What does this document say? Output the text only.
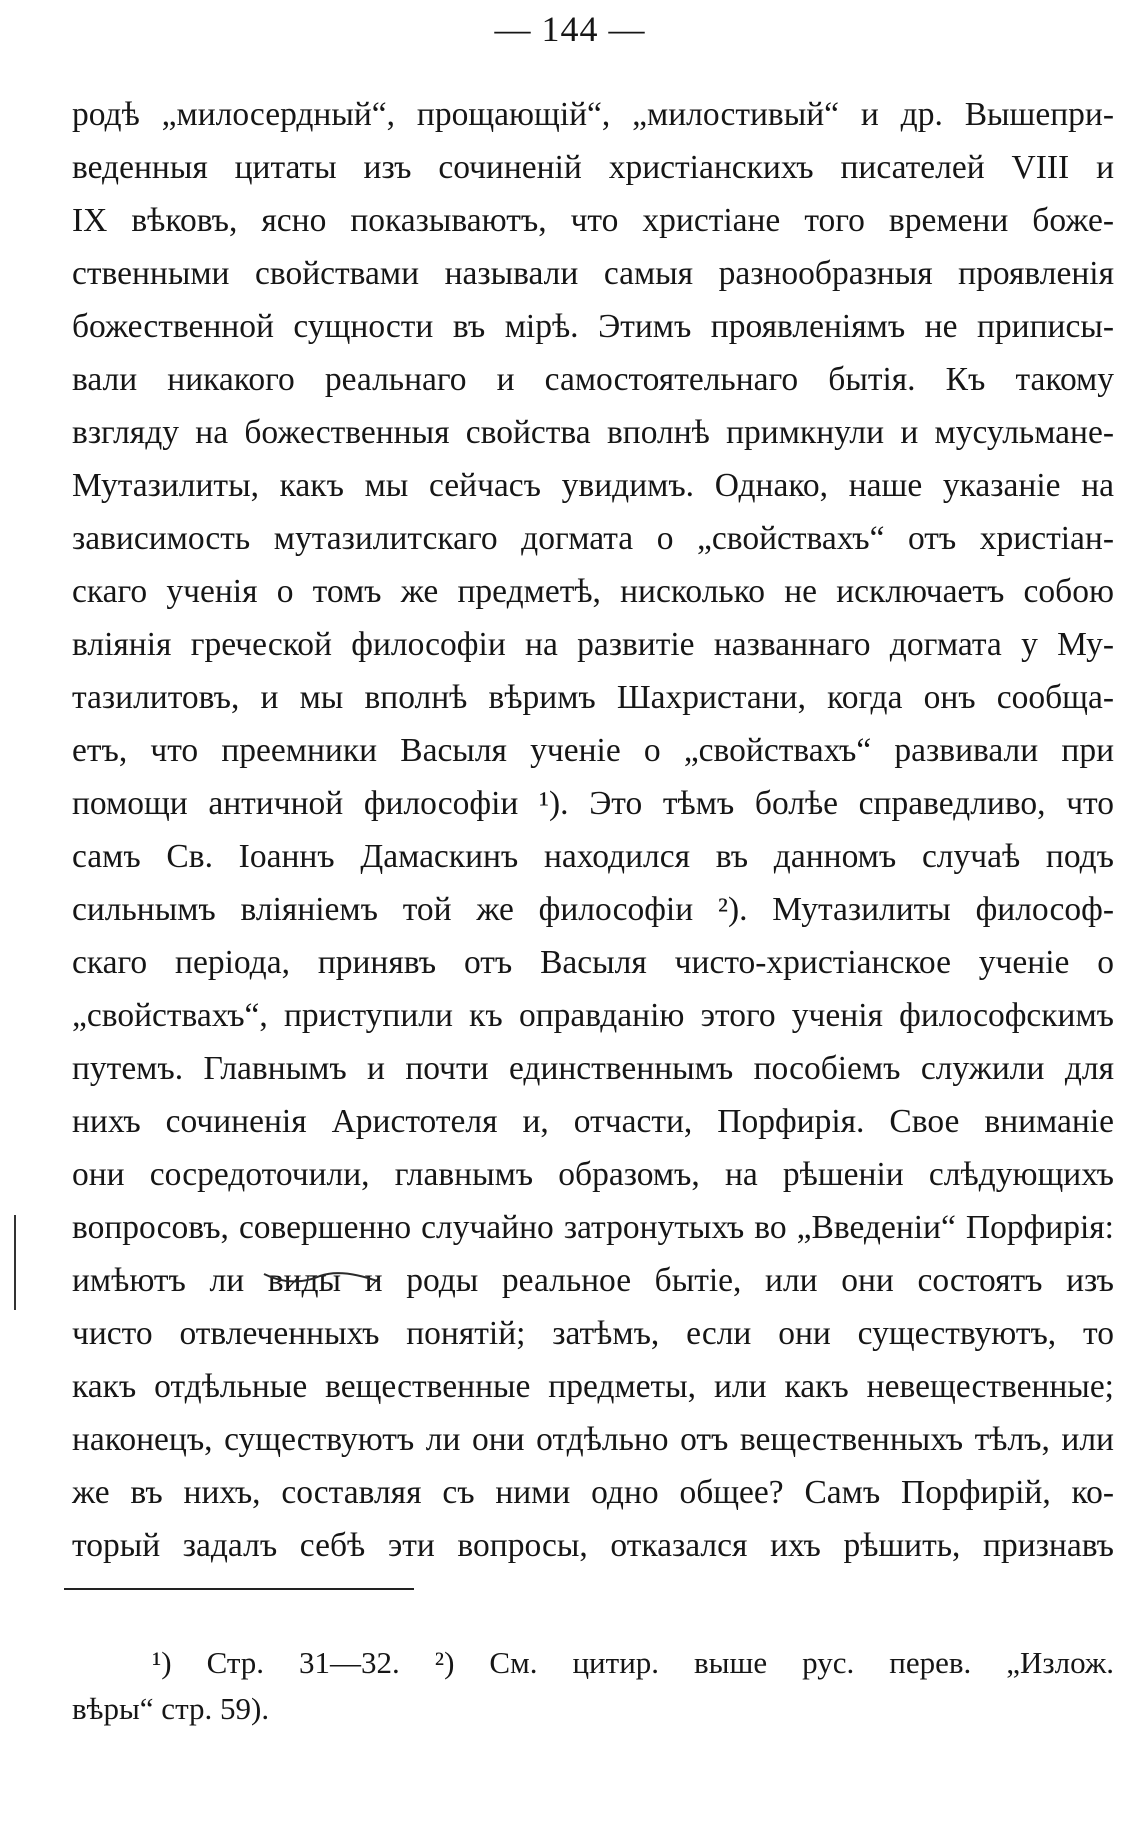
— 144 —
родѣ „милосердный“, прощающій“, „милостивый“ и др. Вышепри-
веденныя цитаты изъ сочиненій христіанскихъ писателей VIII и
IX вѣковъ, ясно показываютъ, что христіане того времени боже-
ственными свойствами называли самыя разнообразныя проявленія
божественной сущности въ мірѣ. Этимъ проявленіямъ не приписы-
вали никакого реальнаго и самостоятельнаго бытія. Къ такому
взгляду на божественныя свойства вполнѣ примкнули и мусульмане-
Мутазилиты, какъ мы сейчасъ увидимъ. Однако, наше указаніе на
зависимость мутазилитскаго догмата о „свойствахъ“ отъ христіан-
скаго ученія о томъ же предметѣ, нисколько не исключаетъ собою
вліянія греческой философіи на развитіе названнаго догмата у Му-
тазилитовъ, и мы вполнѣ вѣримъ Шахристани, когда онъ сообща-
етъ, что преемники Васыля ученіе о „свойствахъ“ развивали при
помощи античной философіи ¹). Это тѣмъ болѣе справедливо, что
самъ Св. Іоаннъ Дамаскинъ находился въ данномъ случаѣ подъ
сильнымъ вліяніемъ той же философіи ²). Мутазилиты философ-
скаго періода, принявъ отъ Васыля чисто-христіанское ученіе о
„свойствахъ“, приступили къ оправданію этого ученія философскимъ
путемъ. Главнымъ и почти единственнымъ пособіемъ служили для
нихъ сочиненія Аристотеля и, отчасти, Порфирія. Свое вниманіе
они сосредоточили, главнымъ образомъ, на рѣшеніи слѣдующихъ
вопросовъ, совершенно случайно затронутыхъ во „Введеніи“ Порфирія:
имѣютъ ли виды и роды реальное бытіе, или они состоятъ изъ
чисто отвлеченныхъ понятій; затѣмъ, если они существуютъ, то
какъ отдѣльные вещественные предметы, или какъ невещественные;
наконецъ, существуютъ ли они отдѣльно отъ вещественныхъ тѣлъ, или
же въ нихъ, составляя съ ними одно общее? Самъ Порфирій, ко-
торый задалъ себѣ эти вопросы, отказался ихъ рѣшить, признавъ
¹) Стр. 31—32. ²) См. цитир. выше рус. перев. „Излож.
вѣры“ стр. 59).
